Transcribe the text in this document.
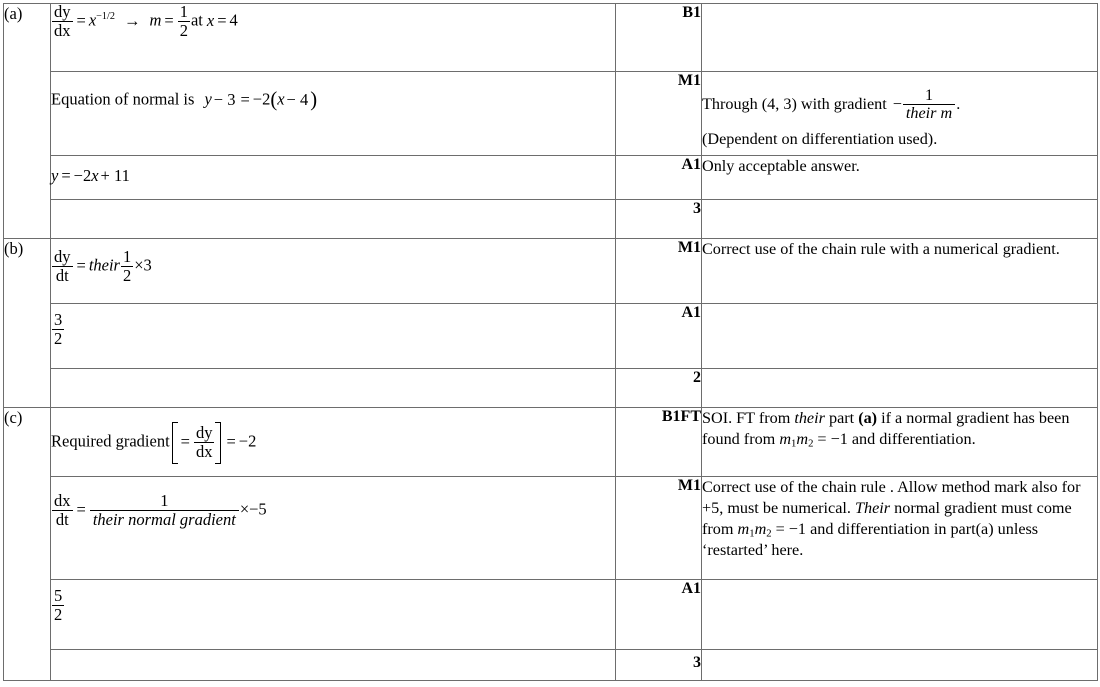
(a)	$\frac{dy}{dx} = x^{-1/2} \to m = \frac{1}{2}$ at x = 4	B1	
	Equation of normal is y − 3 = −2(x − 4)	M1	Through (4, 3) with gradient − $\frac{1}{\text{their m}}$ .
(Dependent on differentiation used).

	y = −2x + 11	A1	Only acceptable answer.
		3	
(b)	$\frac{dy}{dt}$ = their $\frac{1}{2} \times 3$	M1	Correct use of the chain rule with a numerical gradient.

	$\frac{3}{2}$	A1	
		2	
(c)	Required gradient = $\frac{dy}{dx} = -2$	B1FT	SOI. FT from their part (a) if a normal gradient has been found from $m_1m_2 = -1$ and differentiation.

$\frac{dx}{dt} = \frac{1}{\text{their normal gradient}} \times-5$	M1	Correct use of the chain rule . Allow method mark also for +5, must be numerical. Their normal gradient must come from $m_1m_2 = -1$ and differentiation in part(a) unless ‘restarted’ here.

	$\frac{5}{2}$	A1	
		3	
